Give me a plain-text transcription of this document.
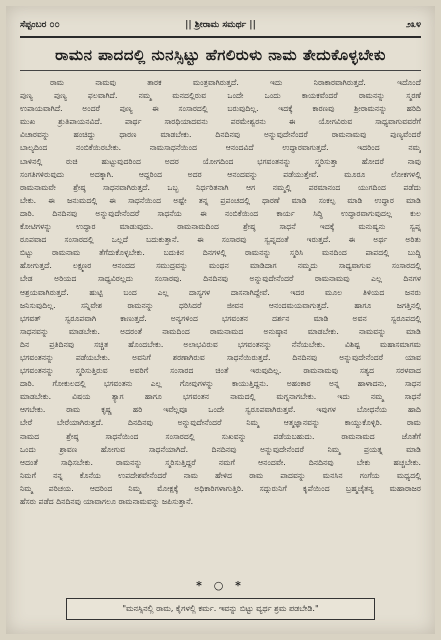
ಸೆಪ್ಟಂಬರ ೦೦	|| ಶ್ರೀರಾಮ ಸಮರ್ಥ ||	೨೩೪
ರಾಮನ ಪಾದದಲ್ಲಿ ನುನಸ್ಸಿಟ್ಟು ಹೆಗಲಿರುಳು ನಾಮ ತೇದುಕೊಳ್ಳಬೇಕು
ರಾಮ ನಾಮವು ತಾರಕ ಮಂತ್ರವಾಗಿರುತ್ತದೆ. ಇದು ನಿರಾಕಾರವಾಗಿರುತ್ತದೆ. ಇದೊಂದೆ
ಪುಣ್ಯ ಪುಣ್ಯ ಫಲವಾಗಿದೆ. ನಮ್ಮ ಮನದಲ್ಲಿರುವ ಒಂದೇ ಒಂದು ಕಾಯಕವೆಂದರೆ ರಾಮನನ್ನು ಸ್ಮರಣೆ
ಉಪಾಯವಾಗಿದೆ. ಅಂದರೆ ಪುಣ್ಯ ಈ ಸಂಸಾರದಲ್ಲಿ ಬರುವುದಿಲ್ಲ. ಇದಕ್ಕೆ ಕಾರಣವು ಶ್ರೀರಾಮನನ್ನು ಹರಿದಿ
ಮುಖ ಶ್ರುತಿಪಾಯನವಿದೆ. ಪಾರ್ಥ ಸಾರಥಿಯಾದವನು ಪರಮೇಶ್ವರನು ಈ ಯೋಗವಿರುವ ಸಾಧ್ಯವಾಗುವವರೆಗೆ
ವಿಚಾರವನ್ನು ಹಂಚಿದ್ದು ಧಾರಣ ಮಾಡಬೇಕು. ದಿನದಿನವು ಅನ್ನುವುದೇನೆಂದರೆ ರಾಮನಾಮವು ಪುಣ್ಯವೆಂದರೆ
ಬಾಲ್ಯದಿಂದ ನಂಬಿಕೆಯಿರಬೇಕು. ನಾಮಸಾಧನೆಯಿಂದ ಆನಂದವಿದೆ ಉದ್ಧಾರವಾಗುತ್ತದೆ. ಇದರಿಂದ ನಮ್ಮ
ಬಾಳಿನಲ್ಲಿ ರುಚಿ ಹುಟ್ಟುವುದರಿಂದ ಅದರ ಯೋಗದಿಂದ ಭಗವಂತನನ್ನು ಸ್ಮರಿಸುತ್ತಾ ಹೋದರೆ ನಾವು
ಸಂಗತಿಗಳಿರುವುದು ಅದಕ್ಕಾಗಿ. ಆದ್ದರಿಂದ ಅದರ ಆನಂದವನ್ನು ಪಡೆಯುತ್ತೇವೆ. ಮೂರೂ ಲೋಕಗಳಲ್ಲಿ
ರಾಮನಾಮವೇ ಶ್ರೇಷ್ಠ ಸಾಧನವಾಗಿರುತ್ತದೆ. ಒಬ್ಬ ನಿರ್ಧರಿತನಾಗಿ ಆಗ ನಮ್ಮಲ್ಲಿ ಪರಮಾನಂದ ಯುಗದಿಂದ ಪಡೆದು
ಬೇಕು. ಈ ಜನುಮದಲ್ಲಿ ಈ ಸಾಧನೆಯಿಂದ ಅಷ್ಟೇ ತನ್ನ ಪ್ರಪಂಚದಲ್ಲಿ ಧಾರಣೆ ಮಾಡಿ ಸಂಕಲ್ಪ ಮಾಡಿ ಉದ್ಧಾರ ಮಾಡಿ
ದಾರಿ. ದಿನದಿನವು ಅನ್ನುವುದೇನೆಂದರೆ ಸಾಧನೆಯ ಈ ನಂಬಿಕೆಯಿಂದ ಕಾರ್ಯ ಸಿದ್ಧಿ ಉದ್ಧಾರವಾಗುವುದಲ್ಲ ಕುಲ
ಕೋಟಿಗಳನ್ನು ಉದ್ಧಾರ ಮಾಡುವುದು. ರಾಮನಾಮದಿಂದ ಶ್ರೇಷ್ಠ ಸಾಧನೆ ಇದಕ್ಕೆ ಮನುಷ್ಯನು ಸ್ವಪ್ನ
ರೂಪವಾದ ಸಂಸಾರದಲ್ಲಿ ಒಲ್ಲದೆ ಬದುಕುತ್ತಾನೆ. ಈ ಸಂಸಾರವು ಸ್ವಪ್ನದಂತೆ ಇರುತ್ತದೆ. ಈ ಅರ್ಥ ಅರಿತು
ಬಿಟ್ಟು ರಾಮನಾಮ ತೆಗೆದುಕೊಳ್ಳಬೇಕು. ಬದುಕಿನ ದಿನಗಳಲ್ಲಿ ರಾಮನನ್ನು ಸ್ಮರಿಸಿ ಮನದಿಂದ ಪಾಪದಲ್ಲಿ ಬುದ್ಧಿ
ಹೋಗುತ್ತದೆ. ಲಕ್ಷ್ಮಣರ ಆನಂದದ ಸಮುದ್ರವನ್ನು ಮಂಥನ ಮಾಡಿದಾಗ ನಮ್ಮದು ಸಾಧ್ಯವಾಗುವ ಸಂಸಾರದಲ್ಲಿ
ಬೇಡ ಅರಿಯದ ಸಾಧ್ಯವಿರಲ್ಲದು ಸಂಸಾರವು. ದಿನದಿನವು ಅನ್ನುವುದೇನೆಂದರೆ ರಾಮನಾಮವು ಎಲ್ಲ ದಿನಗಳ
ಆಶ್ರಯವಾಗಿರುತ್ತದೆ. ಹುಟ್ಟಿ ಬಂದ ಎಲ್ಲ ದಾಸ್ಯಗಳ ದಾಸನಾಗಿದ್ದೇವೆ. ಇದರ ಮೂಲ ತಿಳಿಯದ ಜನರು
ಜನಿಸುವುದಿಲ್ಲ. ಸನ್ನಿವೇಶ ರಾಮನನ್ನು ಧರಿಸಿದರೆ ಜೀವನ ಆನಂದಮಯವಾಗುತ್ತದೆ. ಹಾಗೂ ಜಗತ್ತಿನಲ್ಲಿ
ಭಗವತ್ ಸ್ವರೂಪವಾಗಿ ಕಾಣುತ್ತದೆ. ಅನ್ಯಗಳಿಂದ ಭಗವಂತನ ದರ್ಶನ ಮಾಡಿ ಅವನ ಸ್ವರೂಪದಲ್ಲಿ
ಸಾಧನವನ್ನು ಮಾಡಬೇಕು. ಅದರಂತೆ ನಾಮದಿಂದ ರಾಮನಾಮದ ಅನುಷ್ಠಾನ ಮಾಡಬೇಕು. ನಾಮವನ್ನು ಮಾಡಿ
ದಿನ ಪ್ರತಿದಿನವು ಸಚ್ಚಿತ ಹೊಂದಬೇಕು. ಅಲಾಭವಿರುವ ಭಗವಂತನನ್ನು ನೆನೆಯಬೇಕು. ವಿಶಿಷ್ಟ ಮಹಾಸಮಾಗಮ
ಭಗವಂತನನ್ನು ಪಡೆಯಬೇಕು. ಅವನಿಗೆ ಶರಣಾಗಿರುವ ಸಾಧನೆಯಿರುತ್ತದೆ. ದಿನದಿನವು ಅನ್ನುವುದೇನೆಂದರೆ ಯಾವ
ಭಗವಂತನನ್ನು ಸ್ಮರಿಸುತ್ತಿರುವ ಅವರಿಗೆ ಸಂಸಾರದ ಚಿಂತೆ ಇರುವುದಿಲ್ಲ. ರಾಮನಾಮವು ಸತ್ಯದ ಸರಳವಾದ
ದಾರಿ. ಗೋಕುಲದಲ್ಲಿ ಭಗವಂತನು ಎಲ್ಲ ಗೋವುಗಳನ್ನು ಕಾಯುತ್ತಿದ್ದನು. ಅಹಂಕಾರ ಅನ್ನ ಹಾಳಾದನು, ಸಾಧನ
ಮಾಡಬೇಕು. ವಿಷಯ ತ್ಯಾಗ ಹಾಗೂ ಭಗವಂತನ ನಾಮದಲ್ಲಿ ಮಗ್ನನಾಗಬೇಕು. ಇದು ನಮ್ಮ ಸಾಧನೆ
ಆಗಬೇಕು. ರಾಮ ಕೃಷ್ಣ ಹರಿ ಇವೆಲ್ಲವೂ ಒಂದೇ ಸ್ವರೂಪವಾಗಿರುತ್ತವೆ. ಇವುಗಳ ಬೋಧನೆಯ ಹಾದಿ
ಬೇರೆ ಬೇರೆಯಾಗಿರುತ್ತದೆ. ದಿನದಿನವು ಅನ್ನುವುದೇನೆಂದರೆ ನಿಮ್ಮ ಆತ್ಮಜ್ಞಾನವನ್ನು ಕಾಯ್ದುಕೊಳ್ಳಿರಿ. ರಾಮ
ನಾಮದ ಶ್ರೇಷ್ಠ ಸಾಧನೆಯಿಂದ ಸಂಸಾರದಲ್ಲಿ ಸುಖವನ್ನು ಪಡೆಯಬಹುದು. ರಾಮನಾಮದ ಜೊತೆಗೆ
ಒಂದು ಶ್ರಾವಣ ಹೋಗುವ ಸಾಧನೆಯಾಗಿದೆ. ದಿನದಿನವು ಅನ್ನುವುದೇನೆಂದರೆ ನಿಮ್ಮ ಪ್ರಯತ್ನ ಮಾಡಿ
ಆದಂತೆ ಸಾಧಿಸಬೇಕು. ರಾಮನನ್ನು ಸ್ಮರಿಸುತ್ತಿದ್ದರೆ ನಮಗೆ ಆನಂದವೇ. ದಿನದಿನವು ಬೇಕು ಹಚ್ಚಬೇಕು.
ನಿಮಗೆ ನನ್ನ ಕೊನೆಯ ಉಪದೇಶವೇನೆಂದರೆ ನಾಮ ಹೇಳಿದ ರಾಮ ಪಾದವನ್ನು ಮನಸಿನ ಗಂಗೆಯ ಮಧ್ಯದಲ್ಲಿ
ನಿಮ್ಮ ಪರಿಚಯ. ಆದರಿಂದ ನಿಮ್ಮ ಮೋಕ್ಷಕ್ಕೆ ಅಧಿಕಾರಿಗಳಾಗುತ್ತಿರಿ. ಸದ್ಗುರುನಿಗೆ ಕೃಪೆಯಿಂದ ಬ್ರಹ್ಮಚೈತನ್ಯ ಮಹಾರಾಜರ
ಹೆಸರು ಪಡೆದ ದಿನದಿನವು ಯಾವಾಗಲೂ ರಾಮನಾಮವನ್ನು ಜಪಿಸುತ್ತಾನೆ.
* ○ *
"ಮನಸ್ಸಿನಲ್ಲಿ ರಾಮ, ಕೈಗಳಲ್ಲಿ ಕರ್ಮ. ಇವನ್ನು ಬಿಟ್ಟು ವ್ಯರ್ಥ ಶ್ರಮ ಪಡಬೇಡಿ."
